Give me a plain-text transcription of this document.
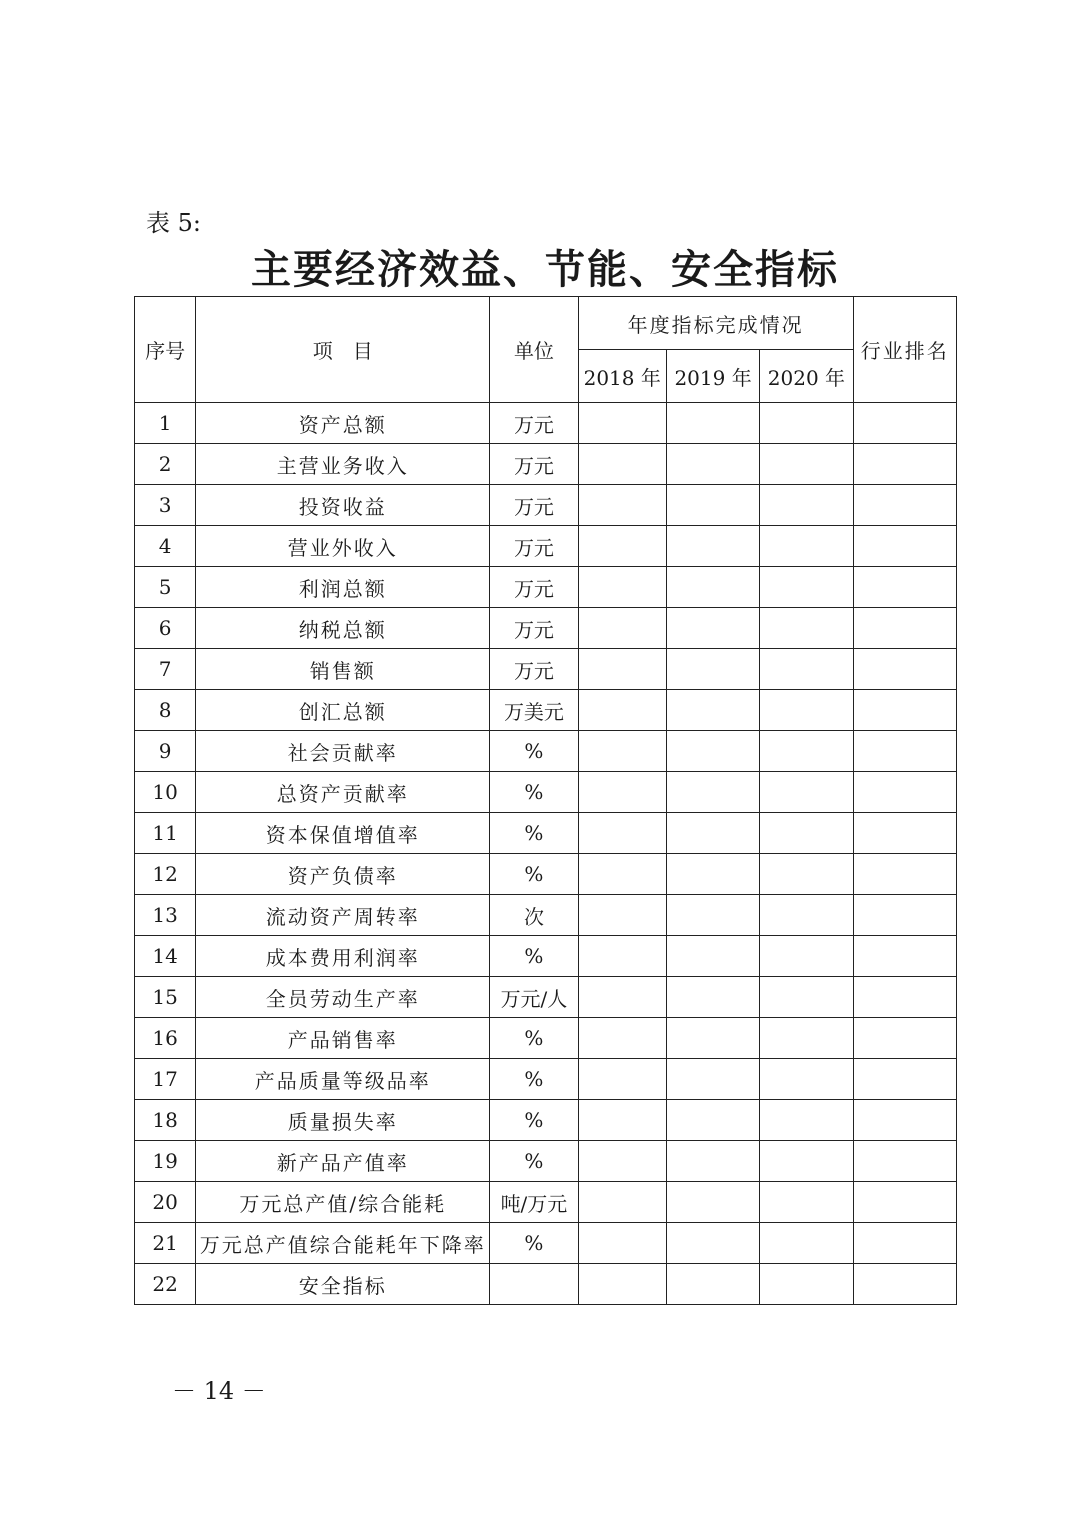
表 5:
主要经济效益、节能、安全指标
序号	项　目	单位	年度指标完成情况			行业排名
			2018 年	2019 年	2020 年	
1	资产总额	万元				
2	主营业务收入	万元				
3	投资收益	万元				
4	营业外收入	万元				
5	利润总额	万元				
6	纳税总额	万元				
7	销售额	万元				
8	创汇总额	万美元				
9	社会贡献率	%				
10	总资产贡献率	%				
11	资本保值增值率	%				
12	资产负债率	%				
13	流动资产周转率	次				
14	成本费用利润率	%				
15	全员劳动生产率	万元/人				
16	产品销售率	%				
17	产品质量等级品率	%				
18	质量损失率	%				
19	新产品产值率	%				
20	万元总产值/综合能耗	吨/万元				
21	万元总产值综合能耗年下降率	%				
22	安全指标					
－ 14 －
